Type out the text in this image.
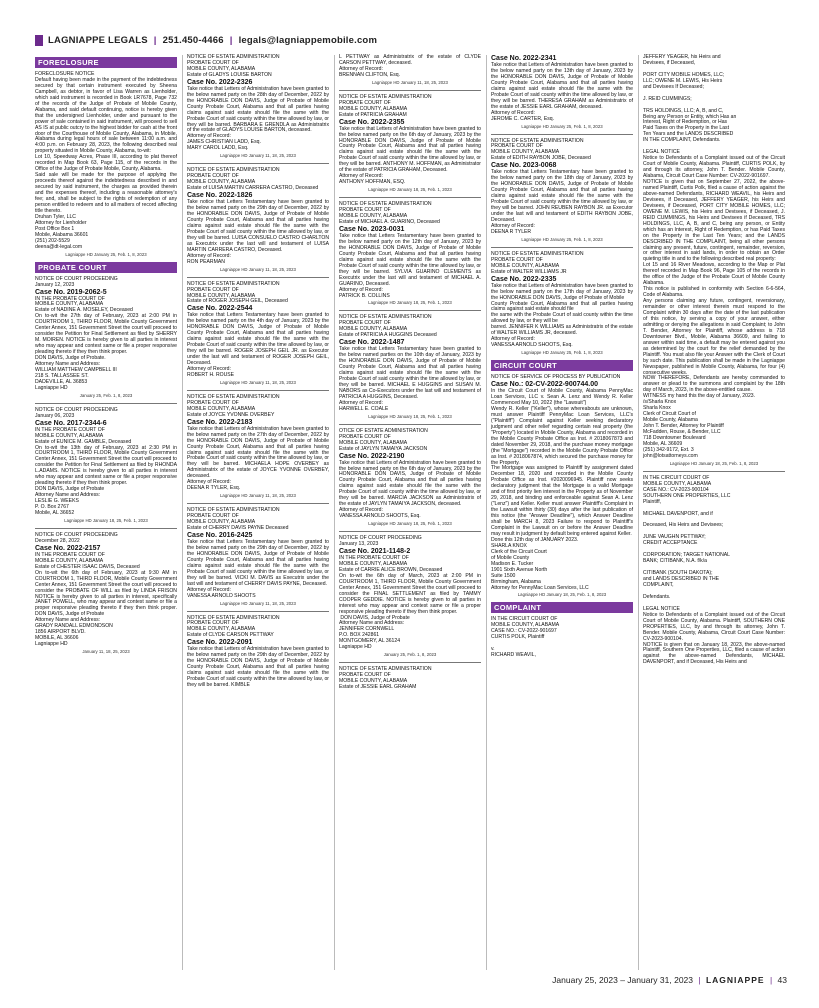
LAGNIAPPE LEGALS | 251.450-4466 | legals@lagniappemobile.com
FORECLOSURE
FORECLOSURE NOTICE
Default having been made in the payment of the indebtedness secured by that certain instrument executed by Sheena Campbell, as debtor, in favor of Lisa Warren as Lienholder, which said instrument is recorded in Book LR7678, Page 732 of the records of the Judge of Probate of Mobile County, Alabama, and said default continuing, notice is hereby given that the undersigned Lienholder, under and pursuant to the power of sale contained in said instrument, will proceed to sell AS IS at public outcry to the highest bidder for cash at the front door of the Courthouse of Mobile County, Alabama, in Mobile, Alabama during legal hours of sale between 11:00 a.m. and 4:00 p.m. on February 28, 2023, the following described real property situated in Mobile County, Alabama, to-wit:
Lot 10, Speedway Acres, Phase III, according to plat thereof recorded in Map Book 63, Page 115, of the records in the Office of the Judge of Probate Mobile, County, Alabama.
Said sale will be made for the purpose of applying the proceeds thereof against the indebtedness described in and secured by said instrument, the charges as provided therein and the expenses thereof, including a reasonable attorney's fee; and, shall be subject to the rights of redemption of any person entitled to redeem and to all matters of record affecting title thereto.
Druhan Tyler, LLC
Attorney for Lienholder
Post Office Box 1
Mobile, Alabama 36601
(251) 202-5529
deena@dt-legal.com
Lagniappe HD January 25, Feb. 1, 8, 2023
PROBATE COURT
NOTICE OF COURT PROCEEDING
January 12, 2023
Case No. 2019-2062-5
IN THE PROBATE COURT OF
MOBILE COUNTY, ALABAMA
Estate of NADINE A. MOSELEY, Deceased
On to-wit the 27th day of February, 2023 at 2:00 PM in COURTROOM 1, THIRD FLOOR, Mobile County Government Center Annex, 151 Government Street the court will proceed to consider the Petition for Final Settlement as filed by SHERRY M. MOIREN. NOTICE is hereby given to all parties in interest who may appear and contest same or file a proper responsive pleading thereto if they then think proper.
DON DAVIS, Judge of Probate.
Attorney Name and Address:
WILLIAM MATTHEW CAMPBELL III
218 S. TALLASSEE ST.
DADEVILLE, AL 36853
Lagniappe HD
January 25, Feb. 1, 8, 2023
NOTICE OF COURT PROCEEDING
January 06, 2023
Case No. 2017-2344-6
IN THE PROBATE COURT OF
MOBILE COUNTY, ALABAMA
Estate of EUNICE M. GAMBLE, Deceased
On to-wit the 13th day of February, 2023 at 2:30 PM in COURTROOM 1, THIRD FLOOR, Mobile County Government Center Annex, 151 Government Street the court will proceed to consider the Petition for Final Settlement as filed by RHONDA L.ADAMS. NOTICE is hereby given to all parties in interest who may appear and contest same or file a proper responsive pleading thereto if they then think proper.
DON DAVIS, Judge of Probate
Attorney Name and Address:
LESLIE G. WEEKS
P. O. Box 2767
Mobile, AL 36652
Lagniappe HD January 18, 25, Feb. 1, 2023
NOTICE OF COURT PROCEEDING
December 28, 2022
Case No. 2022-2157
IN THE PROBATE COURT OF
MOBILE COUNTY, ALABAMA
Estate of CHESTER ISAAC DAVIS, Deceased
On to-wit the 6th day of February, 2023 at 9:30 AM in COURTROOM 1, THIRD FLOOR, Mobile County Government Center Annex, 151 Government Street the court will proceed to consider the PROBATE OF WILL as filed by LINDA FRISON NOTICE is hereby given to all parties in interest, specifically JANET POWELL, who may appear and contest same or file a proper responsive pleading thereto if they then think proper. DON DAVIS, Judge of Probate
Attorney Name and Address:
GRADY RANDALL EDMONDSON
1856 AIRPORT BLVD.
MOBILE, AL 36606
Lagniappe HD
January 11, 18, 25, 2023
NOTICE OF ESTATE ADMINISTRATION
PROBATE COURT OF
MOBILE COUNTY, ALABAMA
Estate of GLADYS LOUISE BARTON
Case No. 2022-2326
Take notice that Letters of Administration have been granted to the below named party on the 28th day of December, 2022 by the HONORABLE DON DAVIS, Judge of Probate of Mobile County Probate Court, Alabama and that all parties having claims against said estate should file the same with the Probate Court of said county within the time allowed by law, or they will be barred. BARBARA E GRENDLA as Administratrix of the estate of GLADYS LOUISE BARTON, deceased.
Attorney of Record:
JAMES CHRISTIAN LADD, Esq.
MARY CAROL LADD, Esq.
Lagniappe HD January 11, 18, 25, 2023
NOTICE OF ESTATE ADMINISTRATION
PROBATE COURT OF
MOBILE COUNTY, ALABAMA
Estate of LUISA MARTIN CARRERA CASTRO, Deceased
Case No. 2022-1826
Take notice that Letters Testamentary have been granted to the below named party on the 29th day of December, 2022 by the HONORABLE DON DAVIS, Judge of Probate of Mobile County Probate Court, Alabama and that all parties having claims against said estate should file the same with the Probate Court of said county within the time allowed by law, or they will be barred. LUISA CONSUELO CASTRO CHARLTON as Executrix under the last will and testament of LUISA MARTIN CARRERA CASTRO, Deceased.
Attorney of Record:
RON PEARMAN
Lagniappe HD January 11, 18, 25, 2023
NOTICE OF ESTATE ADMINISTRATION
PROBATE COURT OF
MOBILE COUNTY, ALABAMA
Estate of ROGER JOSEPH GEIL, Deceased
Case No. 2022-2544
Take notice that Letters Testamentary have been granted to the below named party on the 4th day of January, 2023 by the HONORABLE DON DAVIS, Judge of Probate of Mobile County Probate Court, Alabama and that all parties having claims against said estate should file the same with the Probate Court of said county within the time allowed by law, or they will be barred. ROGER JOSEPH GEIL JR. as Executor under the last will and testament of ROGER JOSEPH GEIL, Deceased.
Attorney of Record:
ROBERT H. ROUSE
Lagniappe HD January 11, 18, 25, 2023
NOTICE OF ESTATE ADMINISTRATION
PROBATE COURT OF
MOBILE COUNTY, ALABAMA
Estate of JOYCE YVONNE OVERBEY
Case No. 2022-2183
Take notice that Letters of Administration have been granted to the below named party on the 27th day of December, 2022 by the HONORABLE DON DAVIS, Judge of Probate of Mobile County Probate Court, Alabama and that all parties having claims against said estate should file the same with the Probate Court of said county within the time allowed by law, or they will be barred. MICHAELA HOPE OVERBEY as Administratrix of the estate of JOYCE YVONNE OVERBEY, deceased.
Attorney of Record:
DEENA R TYLER, Esq.
Lagniappe HD January 11, 18, 25, 2023
NOTICE OF ESTATE ADMINISTRATION
PROBATE COURT OF
MOBILE COUNTY, ALABAMA
Estate of CHERRY DAVIS PAYNE Deceased
Case No. 2016-2425
Take notice that Letters Testamentary have been granted to the below named party on the 29th day of December, 2022 by the HONORABLE DON DAVIS, Judge of Probate of Mobile County Probate Court, Alabama and that all parties having claims against said estate should file the same with the Probate Court of said county within the time allowed by law, or they will be barred. VICKI M. DAVIS as Executrix under the last will and testament of CHERRY DAVIS PAYNE, Deceased.
Attorney of Record:
VANESSA ARNOLD SHOOTS
Lagniappe HD January 11, 18, 25, 2023
NOTICE OF ESTATE ADMINISTRATION
PROBATE COURT OF
MOBILE COUNTY, ALABAMA
Estate of CLYDE CARSON PETTWAY
Case No. 2022-2091
Take notice that Letters of Administration have been granted to the below named party on the 29th day of December, 2022 by the HONORABLE DON DAVIS, Judge of Probate of Mobile County Probate Court, Alabama and that all parties having claims against said estate should file the same with the Probate Court of said county within the time allowed by law, or they will be barred. KIMBLE
L PETTWAY as Administratrix of the estate of CLYDE CARSON PETTWAY, deceased.
Attorney of Record:
BRENNAN CLIFTON, Esq.
Lagniappe HD January 11, 18, 25, 2023
NOTICE OF ESTATE ADMINISTRATION
PROBATE COURT OF
MOBILE COUNTY, ALABAMA
Estate of PATRICIA GRAHAM
Case No. 2022-2355
Take notice that Letters of Administration have been granted to the below named party on the 6th day of January, 2023 by the HONORABLE DON DAVIS, Judge of Probate of Mobile County Probate Court, Alabama and that all parties having claims against said estate should file the same with the Probate Court of said county within the time allowed by law, or they will be barred. ANTHONY M. HOFFMAN, as Administrator of the estate of PATRICIA GRAHAM, Deceased.
Attorney of Record:
ANTHONY HOFFMAN, ESQ.
Lagniappe HD January 18, 25, Feb. 1, 2023
NOTICE OF ESTATE ADMINISTRATION
PROBATE COURT OF
MOBILE COUNTY, ALABAMA
Estate of MICHAEL A. GUARINO, Deceased
Case No. 2023-0031
Take notice that Letters Testamentary have been granted to the below named party on the 12th day of January, 2023 by the HONORABLE DON DAVIS, Judge of Probate of Mobile County Probate Court, Alabama and that all parties having claims against said estate should file the same with the Probate Court of said county within the time allowed by law, or they will be barred. SYLVIA GUARINO CLEMENTS as Executrix under the last will and testament of MICHAEL A. GUARINO, Deceased.
Attorney of Record:
PATRICK B. COLLINS
Lagniappe HD January 18, 25, Feb. 1, 2023
NOTICE OF ESTATE ADMINISTRATION
PROBATE COURT OF
MOBILE COUNTY, ALABAMA
Estate of PATRICIA A HUGGINS Deceased
Case No. 2022-1487
Take notice that Letters Testamentary have been granted to the below named parties on the 10th day of January, 2023 by the HONORABLE DON DAVIS, Judge of Probate of Mobile County Probate Court, Alabama and that all parties having claims against said estate should file the same with the Probate Court of said county within the time allowed by law, or they will be barred. MICHAEL E HUGGINS and SUSAN M. NABORS as Co-Executors under the last will and testament of PATRICIA A HUGGINS, Deceased.
Attorney of Record:
HARWELL E. COALE
Lagniappe HD January 18, 25, Feb. 1, 2023
OTICE OF ESTATE ADMINISTRATION
PROBATE COURT OF
MOBILE COUNTY, ALABAMA
Estate of JAYLYN TAMAIYA JACKSON
Case No. 2022-2190
Take notice that Letters of Administration have been granted to the below named party on the 6th day of January, 2023 by the HONORABLE DON DAVIS, Judge of Probate of Mobile County Probate Court, Alabama and that all parties having claims against said estate should file the same with the Probate Court of said county within the time allowed by law, or they will be barred. MARCIA JACKSON as Administratrix of the estate of JAYLYN TAMAIYA JACKSON, deceased.
Attorney of Record:
VANESSA ARNOLD SHOOTS, Esq.
Lagniappe HD January 18, 25, Feb. 1, 2023
NOTICE OF COURT PROCEEDING
January 13, 2023
Case No. 2021-1148-2
IN THE PROBATE COURT OF
MOBILE COUNTY, ALABAMA
Estate of CARRIE ALICE BROWN, Deceased
On to-wit the 6th day of March, 2023 at 2:00 PM in COURTROOM 1, THIRD FLOOR, Mobile County Government Center Annex, 151 Government Street the court will proceed to consider the FINAL SETTLEMENT as filed by TAMMY COOPER GEDDIE. NOTICE is hereby given to all parties in interest who may appear and contest same or file a proper responsive pleading thereto if they then think proper.
DON DAVIS, Judge of Probate
Attorney Name and Address:
JENNIFER CORNWELL
P.O. BOX 242861
MONTGOMERY, AL 36124
Lagniappe HD
January 25, Feb. 1, 8, 2023
NOTICE OF ESTATE ADMINISTRATION
PROBATE COURT OF
MOBILE COUNTY, ALABAMA
Estate of JESSIE EARL GRAHAM
Case No. 2022-2341
Take notice that Letters of Administration have been granted to the below named party on the 13th day of January, 2023 by the HONORABLE DON DAVIS, Judge of Probate of Mobile County Probate Court, Alabama and that all parties having claims against said estate should file the same with the Probate Court of said county within the time allowed by law, or they will be barred. THERESA GRAHAM as Administratrix of the estate of JESSIE EARL GRAHAM, deceased.
Attorney of Record:
JEROME C. CARTER, Esq.
Lagniappe HD January 25, Feb. 1, 8, 2023
NOTICE OF ESTATE ADMINISTRATION
PROBATE COURT OF
MOBILE COUNTY, ALABAMA
Estate of EDITH RAYBON JOBE, Deceased
Case No. 2023-0068
Take notice that Letters Testamentary have been granted to the below named party on the 18th day of January, 2023 by the HONORABLE DON DAVIS, Judge of Probate of Mobile County Probate Court, Alabama and that all parties having claims against said estate should file the same with the Probate Court of said county within the time allowed by law, or they will be barred. JOHN REUBEN RAYBON JR. as Executor under the last will and testament of EDITH RAYBON JOBE, Deceased.
Attorney of Record:
DEENA R TYLER
Lagniappe HD January 25, Feb. 1, 8, 2023
NOTICE OF ESTATE ADMINISTRATION
PROBATE COURT OF
MOBILE COUNTY, ALABAMA
Estate of WALTER WILLIAMS JR
Case No. 2022-2335
Take notice that Letters of Administration have been granted to the below named party on the 17th day of January, 2023 by the HONORABLE DON DAVIS, Judge of Probate of Mobile
County Probate Court, Alabama and that all parties having claims against said estate should file
the same with the Probate Court of said county within the time allowed by law, or they will be
barred. JENNIFER K WILLIAMS as Administratrix of the estate of WALTER WILLIAMS JR, deceased.
Attorney of Record:
VANESSA ARNOLD SHOOTS, Esq.
Lagniappe HD January 25, Feb. 1, 8, 2023
CIRCUIT COURT
NOTICE OF SERVICE OF PROCESS BY PUBLICATION
Case No.: 02-CV-2022-900744.00
In the Circuit Court of Mobile County, Alabama PennyMac Loan Services, LLC v. Sean A. Lenz and Wendy R. Keller Commenced May 10, 2022 (the "Lawsuit")
Wendy R. Keller ("Keller"), whose whereabouts are unknown, must answer Plaintiff PennyMac Loan Services, LLC's ("Plaintiff") Complaint against Keller seeking declaratory judgment and other relief regarding certain real property (the "Property") located in Mobile County, Alabama and recorded in the Mobile County Probate Office as Inst. # 2018067873 and dated November 29, 2018, and the purchase money mortgage (the "Mortgage") recorded in the Mobile County Probate Office as Inst. # 2018067874, which secured the purchase money for the Property.
The Mortgage was assigned to Plaintiff by assignment dated December 18, 2020 and recorded in the Mobile County Probate Office as Inst. #2020096945. Plaintiff now seeks declaratory judgment that the Mortgage is a valid Mortgage and of first priority lien interest in the Property as of November 29, 2018, and binding and enforceable against Sean A. Lenz ("Lenz") and Keller. Keller must answer Plaintiff's Complaint in the Lawsuit within thirty (30) days after the last publication of this notice (the "Answer Deadline"), which Answer Deadline shall be MARCH 8, 2023 Failure to respond to Plaintiff's Complaint in the Lawsuit on or before the Answer Deadline may result in judgment by default being entered against Keller.
Done this 12th day of JANUARY 2023.
SHARLA KNOX
Clerk of the Circuit Court
of Mobile County
Madison E. Tucker
1901 Sixth Avenue North
Suite 1500
Birmingham, Alabama
Attorney for PennyMac Loan Services, LLC
Lagniappe HD January 18, 25, Feb. 1, 8, 2023
COMPLAINT
IN THE CIRCUIT COURT OF
MOBILE COUNTY, ALABAMA
CASE NO.: CV-2022-901697
CURTIS POLK, Plaintiff

v.
RICHARD WEAVIL,
JEFFERY YEAGER, his Heirs and
Devisees, if Deceased,

PORT CITY MOBILE HOMES, LLC;
LLC; OWENE M. LEWIS, His Heirs
and Devisees If Deceased;

J. REID CUMMINGS;

TRS HOLDINGS, LLC; A, B, and C,
Being any Person or Entity, which Has an
Interest, Right of Redemption, or Has
Paid Taxes on the Property in the Last
Ten Years and the LANDS DESCRIBED
IN THE COMPLAINT, Defendants.

LEGAL NOTICE
Notice to Defendants of a Complaint issued out of the Circuit Court of Mobile County, Alabama. Plaintiff, CURTIS POLK, by and through its attorney, John T. Bender. Mobile County, Alabama, Circuit Court Case Number: CV-2022-901697.
NOTICE is given that on September 27, 2022, the above-named Plaintiff, Curtis Polk, filed a cause of action against the above-named Defendants, RICHARD WEAVIL, his Heirs and Devisees, if Deceased, JEFFERY YEAGER, his Heirs and Devisees, if Deceased, PORT CITY MOBILE HOMES, LLC; OWENE M. LEWIS, his Heirs and Devisees, if Deceased, J. REID CUMMINGS, his Heirs and Devisees if Deceased, TRS HOLDINGS, LLC, A, B, and C, being any person, or Entity which has an Interest, Right of Redemption, or has Paid Taxes on the Property in the Last Ten Years; and the LANDS DESCRIBED IN THE COMPLAINT, being all other persons claiming any present, future, contingent, remainder, reversion, or other interest in said lands, in order to obtain an Order quieting title in and to the following described real property:
Lot 15 and 16 River Meadows, according to the Map or Plat thereof recorded in Map Book 96, Page 105 of the records in the office of the Judge of the Probate Court of Mobile County Alabama.
This notice is published in conformity with Section 6-6-564, Code of Alabama.
Any persons claiming any future, contingent, reversionary, remainder or other interest therein must respond to the Complaint within 30 days after the date of the last publication of this notice, by serving a copy of your answer, either admitting or denying the allegations in said Complaint; to John T. Bender, Attorney for Plaintiff, whose address is 718 Downtowner Blvd., Mobile, Alabama 36609, and failing to answer within said time, a default may be entered against you as determined by the court for the relief demanded by the Plaintiff. You must also file your Answer with the Clerk of Court by such date. This publication shall be made in the Lagniappe Newspaper, published in Mobile County, Alabama, for four (4) consecutive weeks.
NOW THEREFORE, Defendants are hereby commanded to answer or plead to the summons and complaint by the 18th day of March, 2023, in the above-entitled cause.
WITNESS my hand this the day of January, 2023.
/s/Sharla Knox
Sharla Knox
Clerk of Circuit Court of
Mobile County, Alabama
John T. Bender, Attorney for Plaintiff
McFadden, Rouse, & Bender, LLC
718 Downtowner Boulevard
Mobile, AL 36609
(251) 342-9172, Ext. 3
john@lotsattorneys.com
Lagniappe HD January 18, 25, Feb. 1, 8, 2023
IN THE CIRCUIT COURT OF
MOBILE COUNTY, ALABAMA
CASE NO.: CV-2023-900104
SOUTHERN ONE PROPERTIES, LLC
Plaintiff,

MICHAEL DAVENPORT, and if

Deceased, His Heirs and Devisees;

JUNE VAUGHN PETTWAY;
CREDIT ACCEPTANCE

CORPORATION; TARGET NATIONAL
BANK; CITIBANK, N.A. f/k/a

CITIBANK (SOUTH DAKOTA);
and LANDS DESCRIBED IN THE
COMPLAINT,

Defendants.

LEGAL NOTICE
Notice to Defendants of a Complaint issued out of the Circuit Court of Mobile County, Alabama. Plaintiff, SOUTHERN ONE PROPERTIES, LLC, by and through its attorney, John T. Bender. Mobile County, Alabama, Circuit Court Case Number: CV-2023-900104.
NOTICE is given that on January 18, 2023, the above-named Plaintiff, Southern One Properties, LLC, filed a cause of action against the above-named Defendants, MICHAEL DAVENPORT, and if Deceased, His Heirs and
January 25, 2023 – January 31, 2023 | LAGNIAPPE | 43
